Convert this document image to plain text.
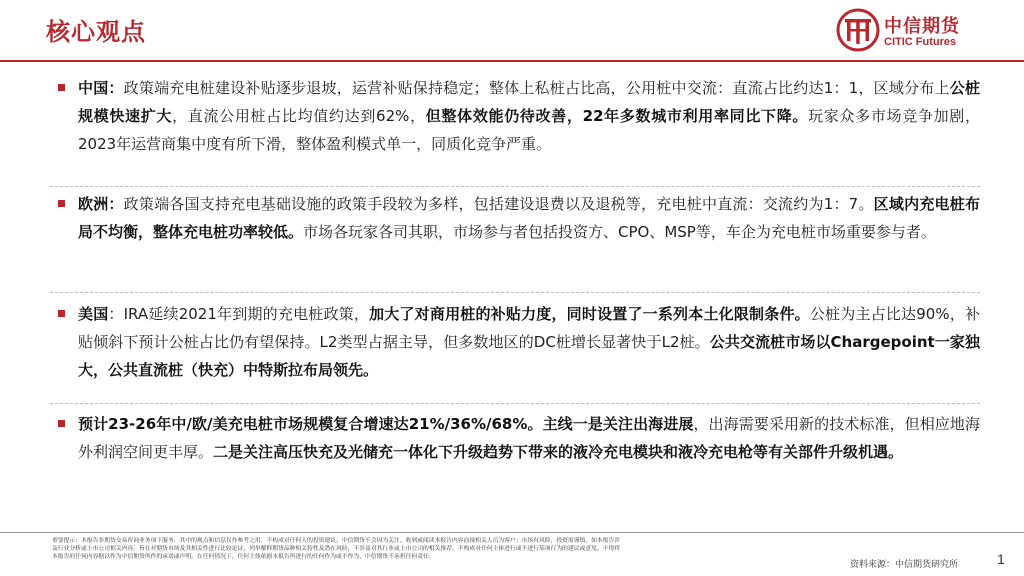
核心观点	中信期货
CITIC Futures
中国：政策端充电桩建设补贴逐步退坡，运营补贴保持稳定；整体上私桩占比高，公用桩中交流：直流占比约达1：1，区域分布上公桩规模快速扩大，直流公用桩占比均值约达到62%，但整体效能仍待改善，22年多数城市利用率同比下降。玩家众多市场竞争加剧，2023年运营商集中度有所下滑，整体盈利模式单一，同质化竞争严重。
欧洲：政策端各国支持充电基础设施的政策手段较为多样，包括建设退费以及退税等，充电桩中直流：交流约为1：7。区域内充电桩布局不均衡，整体充电桩功率较低。市场各玩家各司其职，市场参与者包括投资方、CPO、MSP等，车企为充电桩市场重要参与者。
美国：IRA延续2021年到期的充电桩政策，加大了对商用桩的补贴力度，同时设置了一系列本土化限制条件。公桩为主占比达90%，补贴倾斜下预计公桩占比仍有望保持。L2类型占据主导，但多数地区的DC桩增长显著快于L2桩。公共交流桩市场以Chargepoint一家独大，公共直流桩（快充）中特斯拉布局领先。
预计23-26年中/欧/美充电桩市场规模复合增速达21%/36%/68%。主线一是关注出海进展，出海需要采用新的技术标准，但相应地海外利润空间更丰厚。二是关注高压快充及光储充一体化下升级趋势下带来的液冷充电模块和液冷充电枪等有关部件升级机遇。
重要提示：本报告非期货交易咨询业务项下服务，其中的观点和信息仅作参考之用，不构成对任何人的投资建议。中信期货不会因为关注、收到或阅读本报告内容而视相关人员为客户；市场有风险，投资需谨慎。如本报告涉及行业分析或上市公司相关内容，旨在对期货市场及其相关性进行比较论证，列举解释期货品种相关特性及潜在风险，不涉及对其行业或上市公司的相关推荐，不构成对任何主体进行或不进行某项行为的建议或意见，不得将本报告的任何内容据以作为中信期货所作的承诺或声明。在任何情况下，任何主体依据本报告所进行的任何作为或不作为，中信期货不承担任何责任。
资料来源：中信期货研究所	1
